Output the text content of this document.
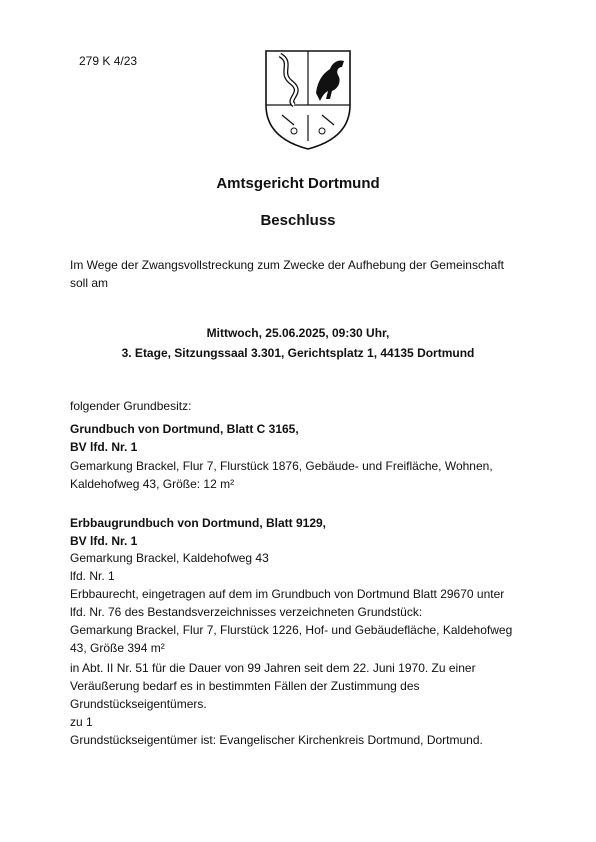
279 K 4/23
Amtsgericht Dortmund
Beschluss
Im Wege der Zwangsvollstreckung zum Zwecke der Aufhebung der Gemeinschaft
soll am
Mittwoch, 25.06.2025, 09:30 Uhr,
3. Etage, Sitzungssaal 3.301, Gerichtsplatz 1, 44135 Dortmund
folgender Grundbesitz:
Grundbuch von Dortmund, Blatt C 3165,
BV lfd. Nr. 1
Gemarkung Brackel, Flur 7, Flurstück 1876, Gebäude- und Freifläche, Wohnen,
Kaldehofweg 43, Größe: 12 m²
Erbbaugrundbuch von Dortmund, Blatt 9129,
BV lfd. Nr. 1
Gemarkung Brackel, Kaldehofweg 43
lfd. Nr. 1
Erbbaurecht, eingetragen auf dem im Grundbuch von Dortmund Blatt 29670 unter
lfd. Nr. 76 des Bestandsverzeichnisses verzeichneten Grundstück:
Gemarkung Brackel, Flur 7, Flurstück 1226, Hof- und Gebäudefläche, Kaldehofweg
43, Größe 394 m²
in Abt. II Nr. 51 für die Dauer von 99 Jahren seit dem 22. Juni 1970. Zu einer
Veräußerung bedarf es in bestimmten Fällen der Zustimmung des
Grundstückseigentümers.
zu 1
Grundstückseigentümer ist: Evangelischer Kirchenkreis Dortmund, Dortmund.
